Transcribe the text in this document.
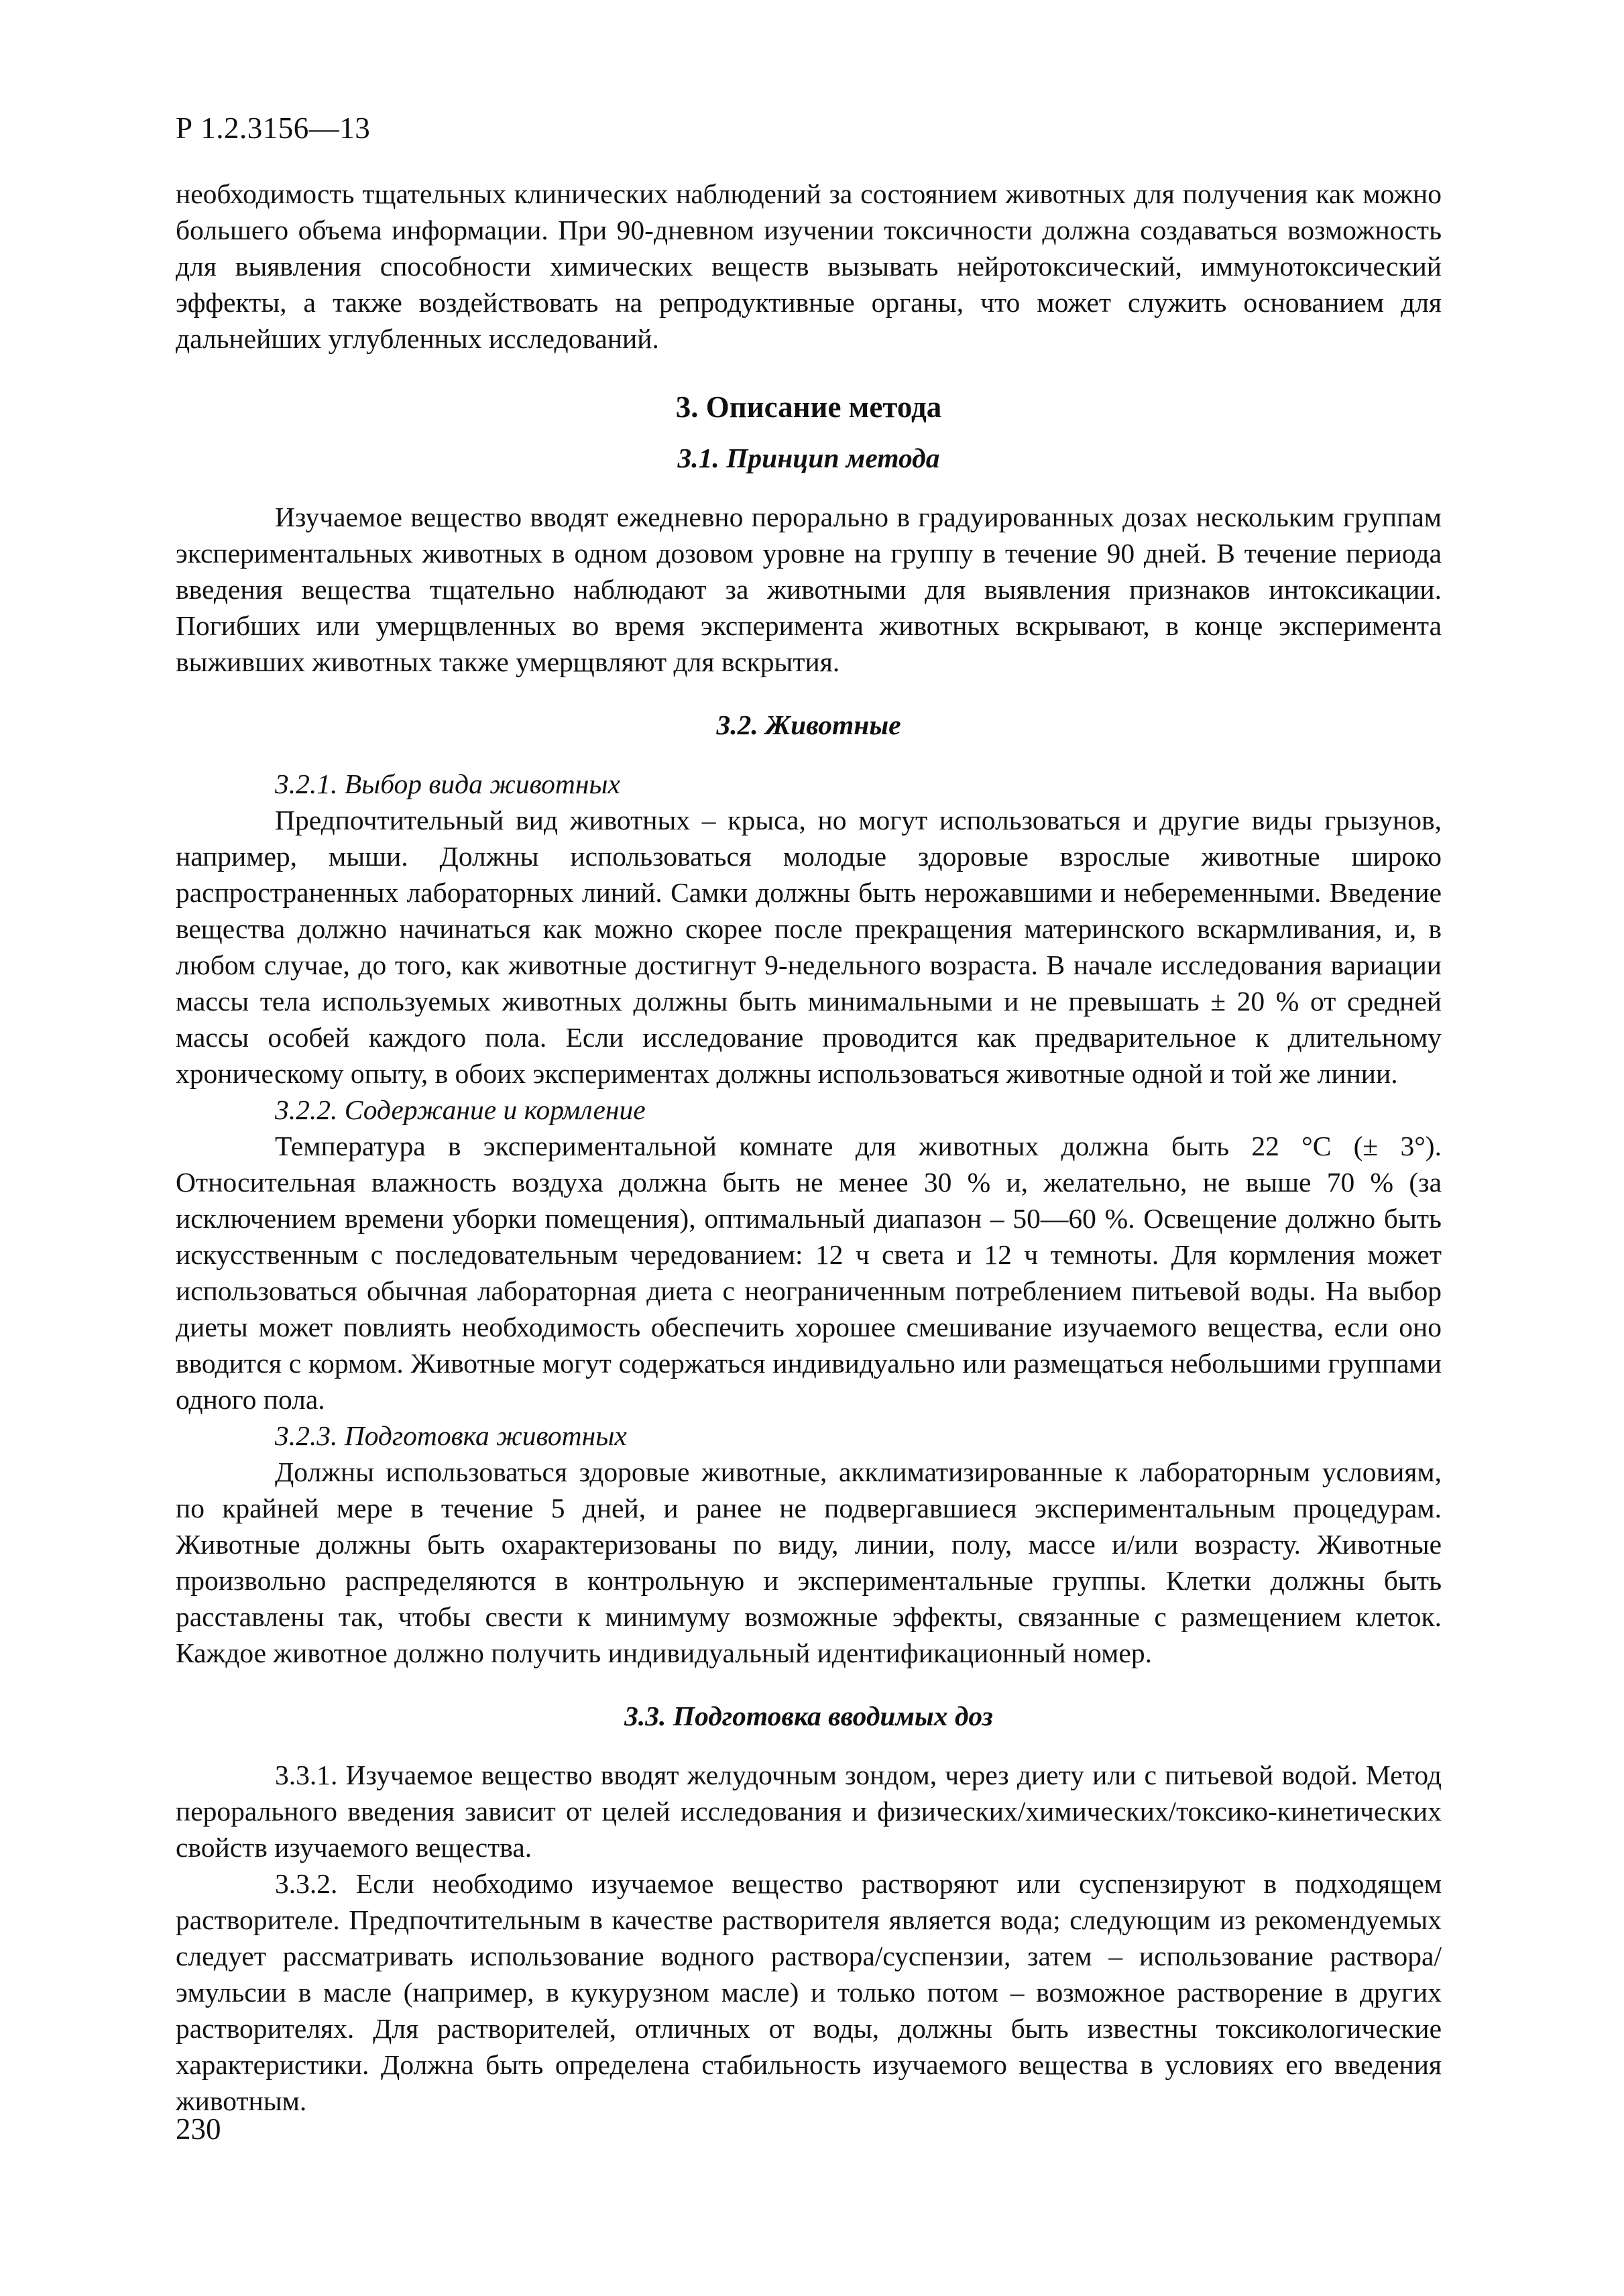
Р 1.2.3156—13

необходимость тщательных клинических наблюдений за состоянием животных для получения как можно большего объема информации. При 90-дневном изучении токсичности должна создаваться возможность для выявления способности химических веществ вызывать нейротоксический, иммунотоксический эффекты, а также воздействовать на репродуктивные органы, что может служить основанием для дальнейших углубленных исследований.

3. Описание метода
3.1. Принцип метода

Изучаемое вещество вводят ежедневно перорально в градуированных дозах нескольким группам экспериментальных животных в одном дозовом уровне на группу в течение 90 дней. В течение периода введения вещества тщательно наблюдают за животными для выявления признаков интоксикации. Погибших или умерщвленных во время эксперимента животных вскрывают, в конце эксперимента выживших животных также умерщвляют для вскрытия.

3.2. Животные
3.2.1. Выбор вида животных

Предпочтительный вид животных – крыса, но могут использоваться и другие виды грызунов, например, мыши. Должны использоваться молодые здоровые взрослые животные широко распространенных лабораторных линий. Самки должны быть нерожавшими и небеременными. Введение вещества должно начинаться как можно скорее после прекращения материнского вскармливания, и, в любом случае, до того, как животные достигнут 9-недельного возраста. В начале исследования вариации массы тела используемых животных должны быть минимальными и не превышать ± 20 % от средней массы особей каждого пола. Если исследование проводится как предварительное к длительному хроническому опыту, в обоих экспериментах должны использоваться животные одной и той же линии.

3.2.2. Содержание и кормление

Температура в экспериментальной комнате для животных должна быть 22 °С (± 3°). Относительная влажность воздуха должна быть не менее 30 % и, желательно, не выше 70 % (за исключением времени уборки помещения), оптимальный диапазон – 50—60 %. Освещение должно быть искусственным с последовательным чередованием: 12 ч света и 12 ч темноты. Для кормления может использоваться обычная лабораторная диета с неограниченным потреблением питьевой воды. На выбор диеты может повлиять необходимость обеспечить хорошее смешивание изучаемого вещества, если оно вводится с кормом. Животные могут содержаться индивидуально или размещаться небольшими группами одного пола.

3.2.3. Подготовка животных

Должны использоваться здоровые животные, акклиматизированные к лабораторным условиям, по крайней мере в течение 5 дней, и ранее не подвергавшиеся экспериментальным процедурам. Животные должны быть охарактеризованы по виду, линии, полу, массе и/или возрасту. Животные произвольно распределяются в контрольную и экспериментальные группы. Клетки должны быть расставлены так, чтобы свести к минимуму возможные эффекты, связанные с размещением клеток. Каждое животное должно получить индивидуальный идентификационный номер.

3.3. Подготовка вводимых доз

3.3.1. Изучаемое вещество вводят желудочным зондом, через диету или с питьевой водой. Метод перорального введения зависит от целей исследования и физических/химических/токсико-кинетических свойств изучаемого вещества.

3.3.2. Если необходимо изучаемое вещество растворяют или суспензируют в подходящем растворителе. Предпочтительным в качестве растворителя является вода; следующим из рекомендуемых следует рассматривать использование водного раствора/суспензии, затем – использование раствора/эмульсии в масле (например, в кукурузном масле) и только потом – возможное растворение в других растворителях. Для растворителей, отличных от воды, должны быть известны токсикологические характеристики. Должна быть определена стабильность изучаемого вещества в условиях его введения животным.

230
